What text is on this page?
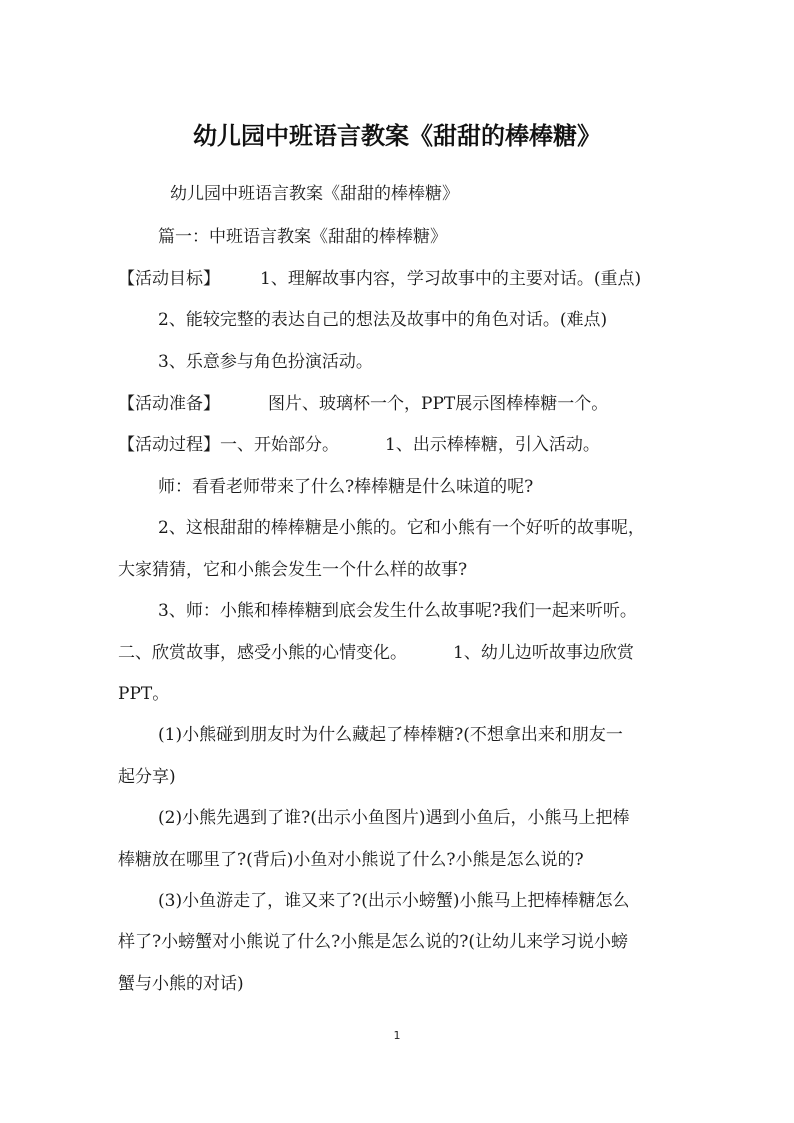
幼儿园中班语言教案《甜甜的棒棒糖》
幼儿园中班语言教案《甜甜的棒棒糖》
篇一：中班语言教案《甜甜的棒棒糖》
【活动目标】 1、理解故事内容，学习故事中的主要对话。(重点)
2、能较完整的表达自己的想法及故事中的角色对话。(难点)
3、乐意参与角色扮演活动。
【活动准备】	图片、玻璃杯一个，PPT展示图棒棒糖一个。
【活动过程】一、开始部分。	1、出示棒棒糖，引入活动。
师：看看老师带来了什么?棒棒糖是什么味道的呢?
2、这根甜甜的棒棒糖是小熊的。它和小熊有一个好听的故事呢，
大家猜猜，它和小熊会发生一个什么样的故事?
3、师：小熊和棒棒糖到底会发生什么故事呢?我们一起来听听。
二、欣赏故事，感受小熊的心情变化。	1、幼儿边听故事边欣赏
PPT。
(1)小熊碰到朋友时为什么藏起了棒棒糖?(不想拿出来和朋友一
起分享)
(2)小熊先遇到了谁?(出示小鱼图片)遇到小鱼后，小熊马上把棒
棒糖放在哪里了?(背后)小鱼对小熊说了什么?小熊是怎么说的?
(3)小鱼游走了，谁又来了?(出示小螃蟹)小熊马上把棒棒糖怎么
样了?小螃蟹对小熊说了什么?小熊是怎么说的?(让幼儿来学习说小螃
蟹与小熊的对话)
1
